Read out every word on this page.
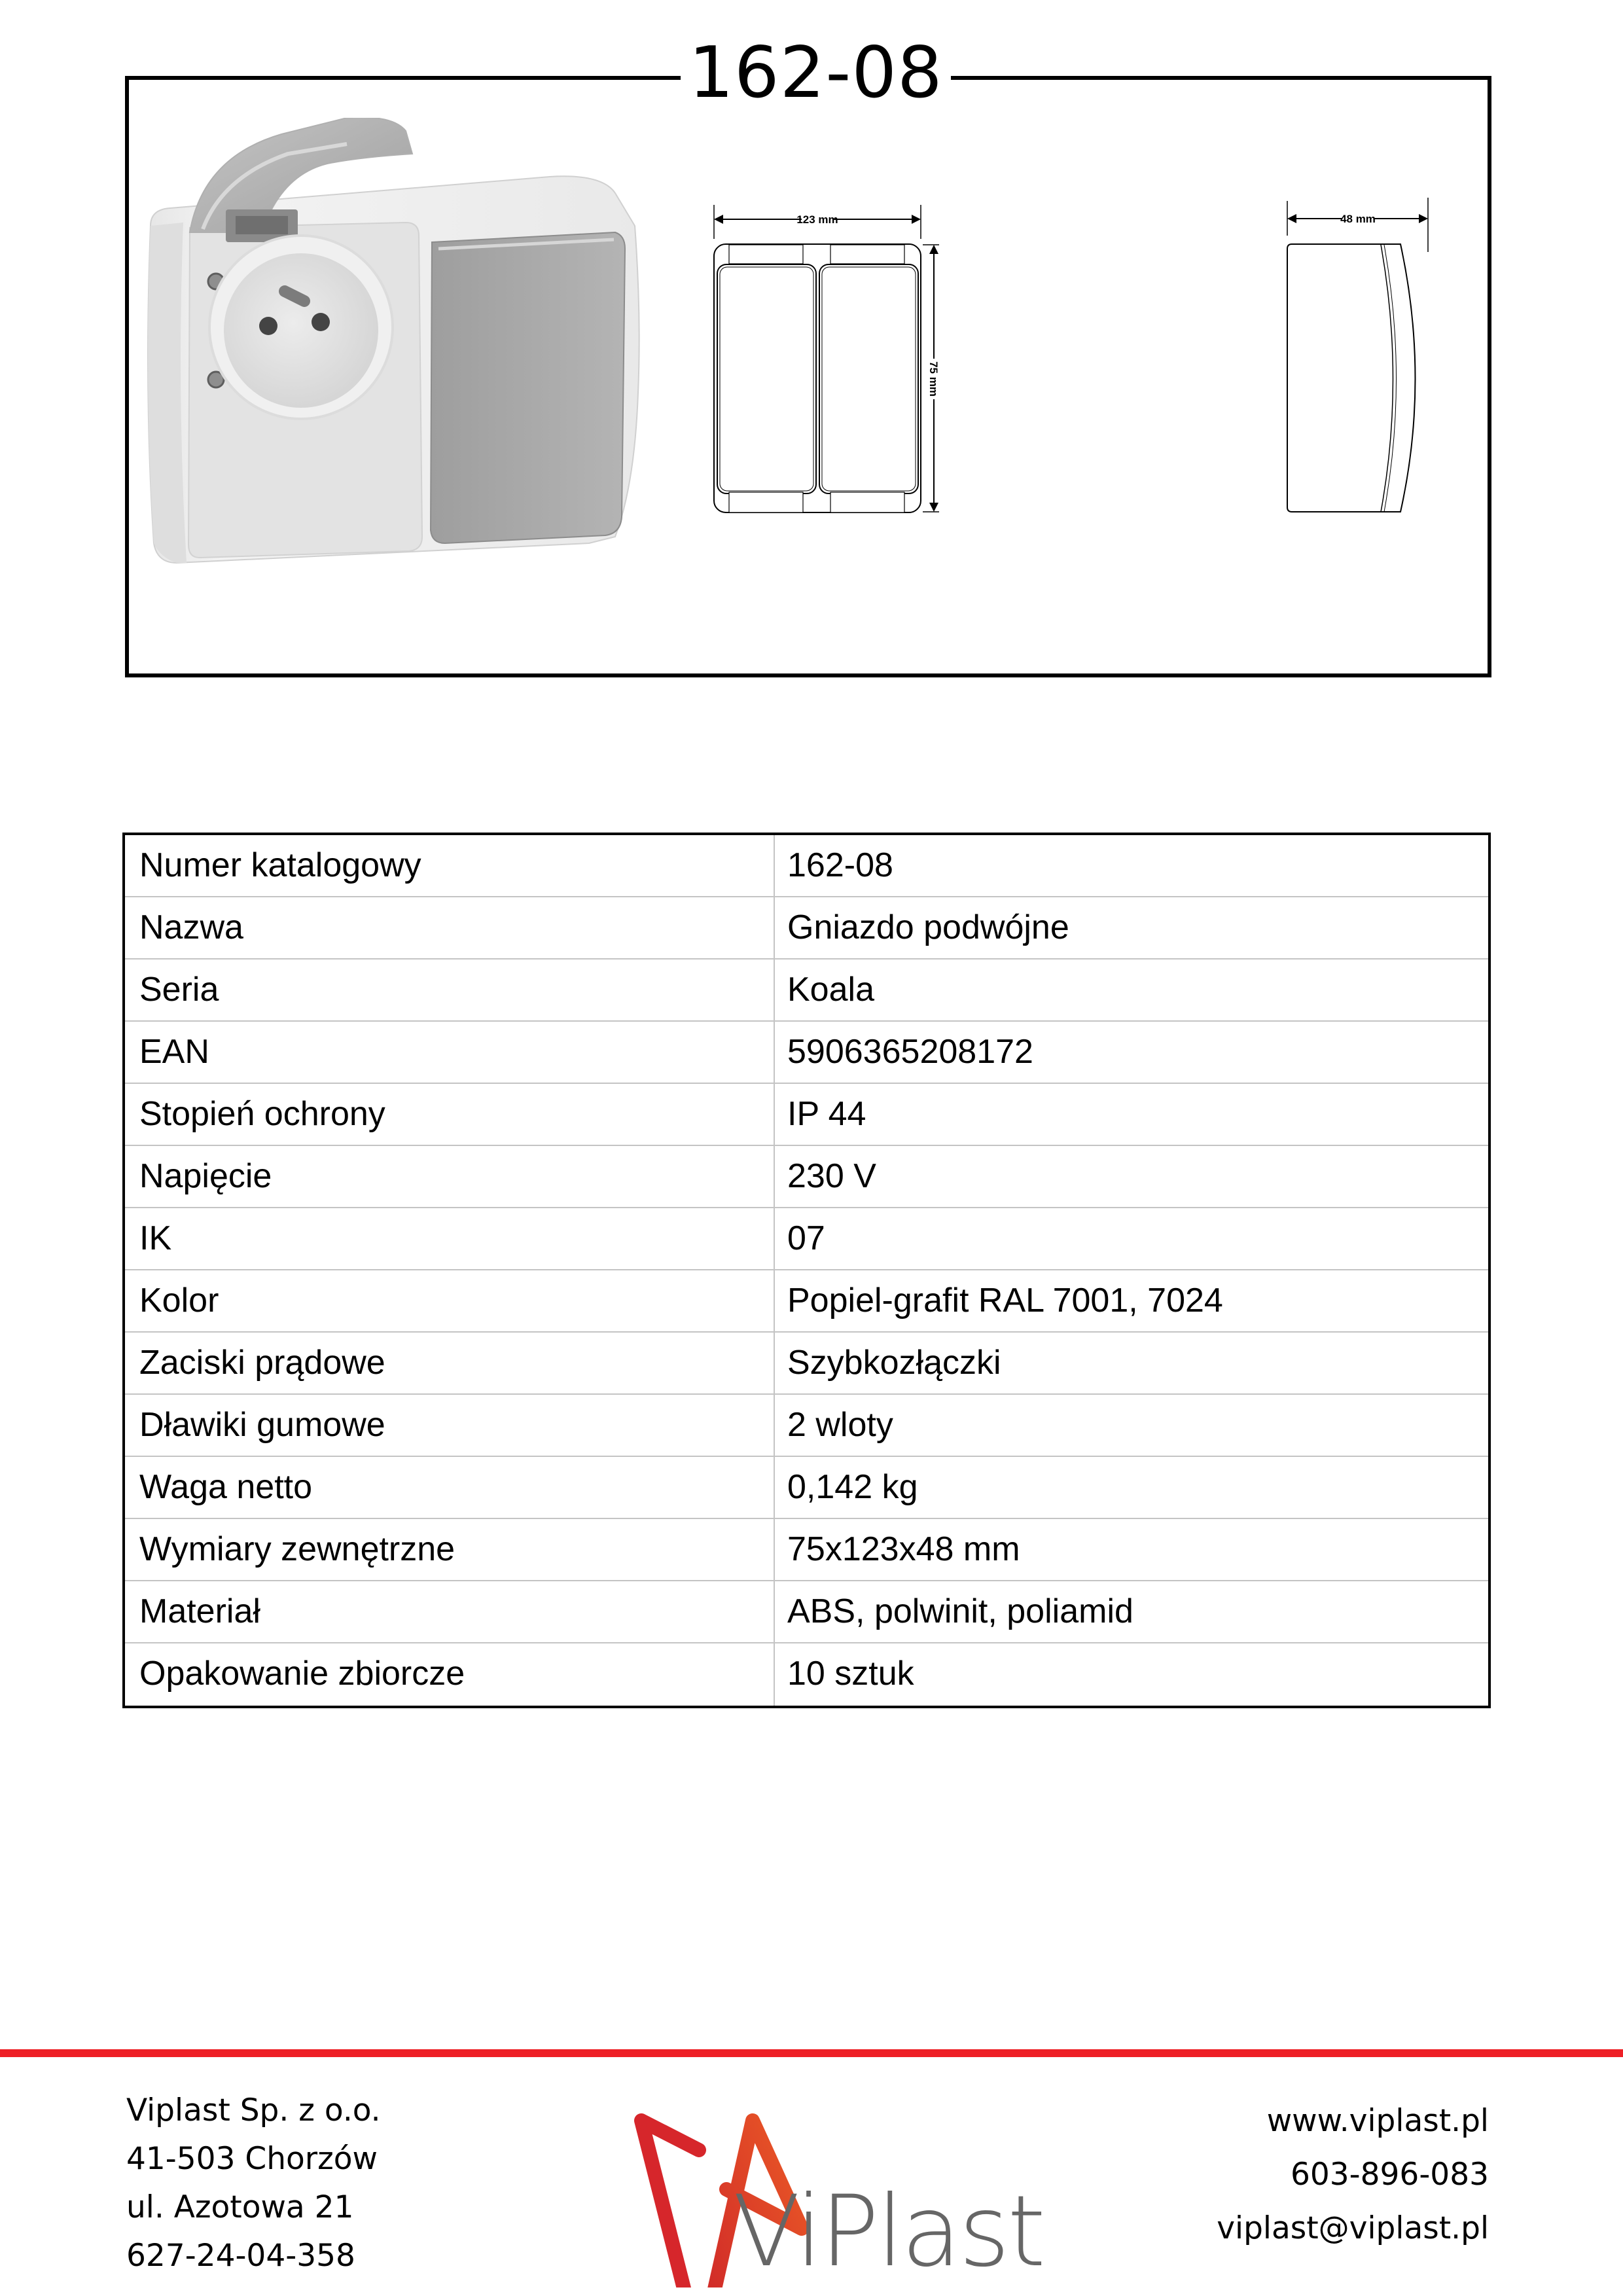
162-08
123 mm
75 mm
48 mm
Numer katalogowy	162-08
Nazwa	Gniazdo podwójne
Seria	Koala
EAN	5906365208172
Stopień ochrony	IP 44
Napięcie	230 V
IK	07
Kolor	Popiel-grafit RAL 7001, 7024
Zaciski prądowe	Szybkozłączki
Dławiki gumowe	2 wloty
Waga netto	0,142 kg
Wymiary zewnętrzne	75x123x48 mm
Materiał	ABS, polwinit, poliamid
Opakowanie zbiorcze	10 sztuk
Viplast Sp. z o.o.
41-503 Chorzów
ul. Azotowa 21
627-24-04-358	ViPlast
www.viplast.pl
603-896-083
viplast@viplast.pl
